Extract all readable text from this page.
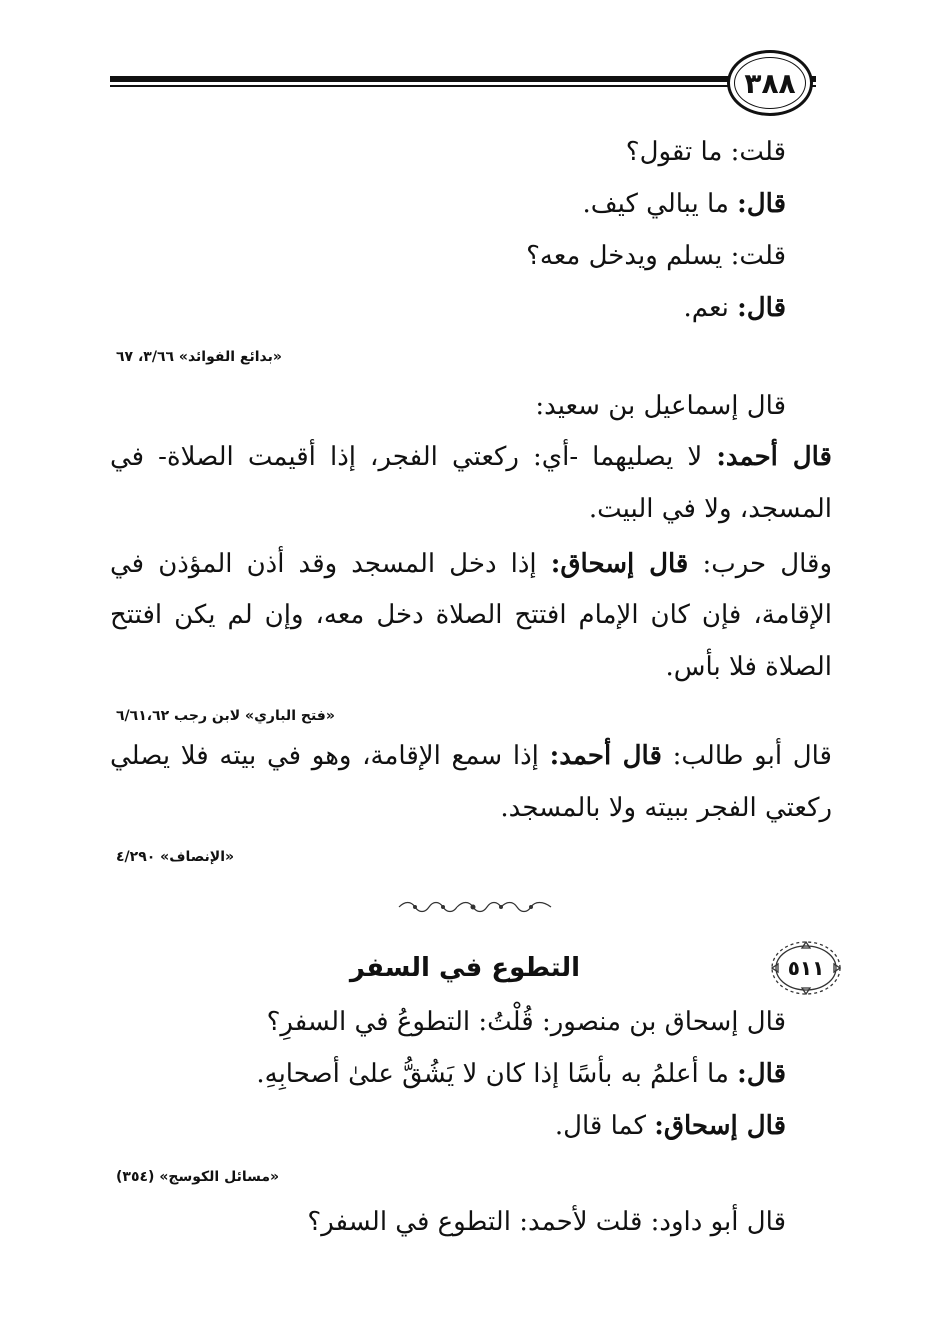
٣٨٨
قلت: ما تقول؟
قال: ما يبالي كيف.
قلت: يسلم ويدخل معه؟
قال: نعم.
«بدائع الفوائد» ٣/٦٦، ٦٧
قال إسماعيل بن سعيد:
قال أحمد: لا يصليهما -أي: ركعتي الفجر، إذا أقيمت الصلاة- في
المسجد، ولا في البيت.
وقال حرب: قال إسحاق: إذا دخل المسجد وقد أذن المؤذن في
الإقامة، فإن كان الإمام افتتح الصلاة دخل معه، وإن لم يكن افتتح
الصلاة فلا بأس.
«فتح الباري» لابن رجب ٦/٦١،٦٢
قال أبو طالب: قال أحمد: إذا سمع الإقامة، وهو في بيته فلا يصلي
ركعتي الفجر ببيته ولا بالمسجد.
«الإنصاف» ٤/٢٩٠
٥١١
التطوع في السفر
قال إسحاق بن منصور: قُلْتُ: التطوعُ في السفرِ؟
قال: ما أعلمُ به بأسًا إذا كان لا يَشُقُّ علىٰ أصحابِهِ.
قال إسحاق: كما قال.
«مسائل الكوسج» (٣٥٤)
قال أبو داود: قلت لأحمد: التطوع في السفر؟
